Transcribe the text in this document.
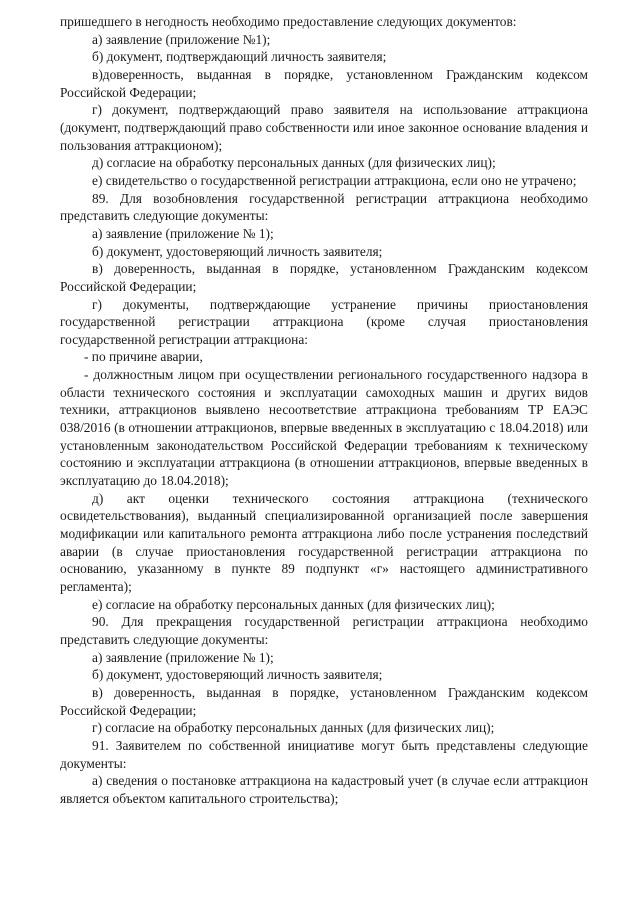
пришедшего в негодность необходимо предоставление следующих документов:

а) заявление (приложение №1);

б) документ, подтверждающий личность заявителя;

в)доверенность, выданная в порядке, установленном Гражданским кодексом Российской Федерации;

г) документ, подтверждающий право заявителя на использование аттракциона (документ, подтверждающий право собственности или иное законное основание владения и пользования аттракционом);

д) согласие на обработку персональных данных (для физических лиц);

е) свидетельство о государственной регистрации аттракциона, если оно не утрачено;

89. Для возобновления государственной регистрации аттракциона необходимо представить следующие документы:

а) заявление (приложение № 1);

б) документ, удостоверяющий личность заявителя;

в) доверенность, выданная в порядке, установленном Гражданским кодексом Российской Федерации;

г) документы, подтверждающие устранение причины приостановления государственной регистрации аттракциона (кроме случая приостановления государственной регистрации аттракциона:

- по причине аварии,

- должностным лицом при осуществлении регионального государственного надзора в области технического состояния и эксплуатации самоходных машин и других видов техники, аттракционов выявлено несоответствие аттракциона требованиям ТР ЕАЭС 038/2016 (в отношении аттракционов, впервые введенных в эксплуатацию с 18.04.2018) или установленным законодательством Российской Федерации требованиям к техническому состоянию и эксплуатации аттракциона (в отношении аттракционов, впервые введенных в эксплуатацию до 18.04.2018);

д) акт оценки технического состояния аттракциона (технического освидетельствования), выданный специализированной организацией после завершения модификации или капитального ремонта аттракциона либо после устранения последствий аварии (в случае приостановления государственной регистрации аттракциона по основанию, указанному в пункте 89 подпункт «г» настоящего административного регламента);

е) согласие на обработку персональных данных (для физических лиц);

90. Для прекращения государственной регистрации аттракциона необходимо представить следующие документы:

а) заявление (приложение № 1);

б) документ, удостоверяющий личность заявителя;

в) доверенность, выданная в порядке, установленном Гражданским кодексом Российской Федерации;

г) согласие на обработку персональных данных (для физических лиц);

91. Заявителем по собственной инициативе могут быть представлены следующие документы:

а) сведения о постановке аттракциона на кадастровый учет (в случае если аттракцион является объектом капитального строительства);
